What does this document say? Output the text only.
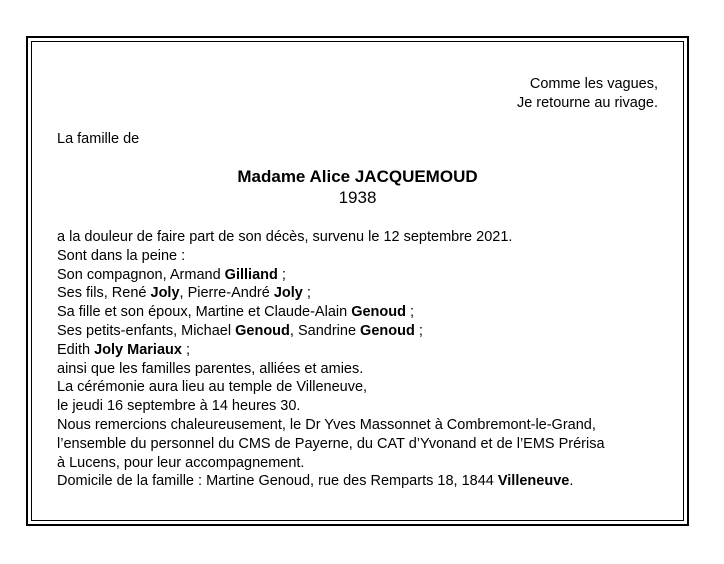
Comme les vagues,
Je retourne au rivage.
La famille de
Madame Alice JACQUEMOUD
1938
a la douleur de faire part de son décès, survenu le 12 septembre 2021.
Sont dans la peine :
Son compagnon, Armand Gilliand ;
Ses fils, René Joly, Pierre-André Joly ;
Sa fille et son époux, Martine et Claude-Alain Genoud ;
Ses petits-enfants, Michael Genoud, Sandrine Genoud ;
Edith Joly Mariaux ;
ainsi que les familles parentes, alliées et amies.
La cérémonie aura lieu au temple de Villeneuve,
le jeudi 16 septembre à 14 heures 30.
Nous remercions chaleureusement, le Dr Yves Massonnet à Combremont-le-Grand,
l’ensemble du personnel du CMS de Payerne, du CAT d’Yvonand et de l’EMS Prérisa
à Lucens, pour leur accompagnement.
Domicile de la famille : Martine Genoud, rue des Remparts 18, 1844 Villeneuve.
